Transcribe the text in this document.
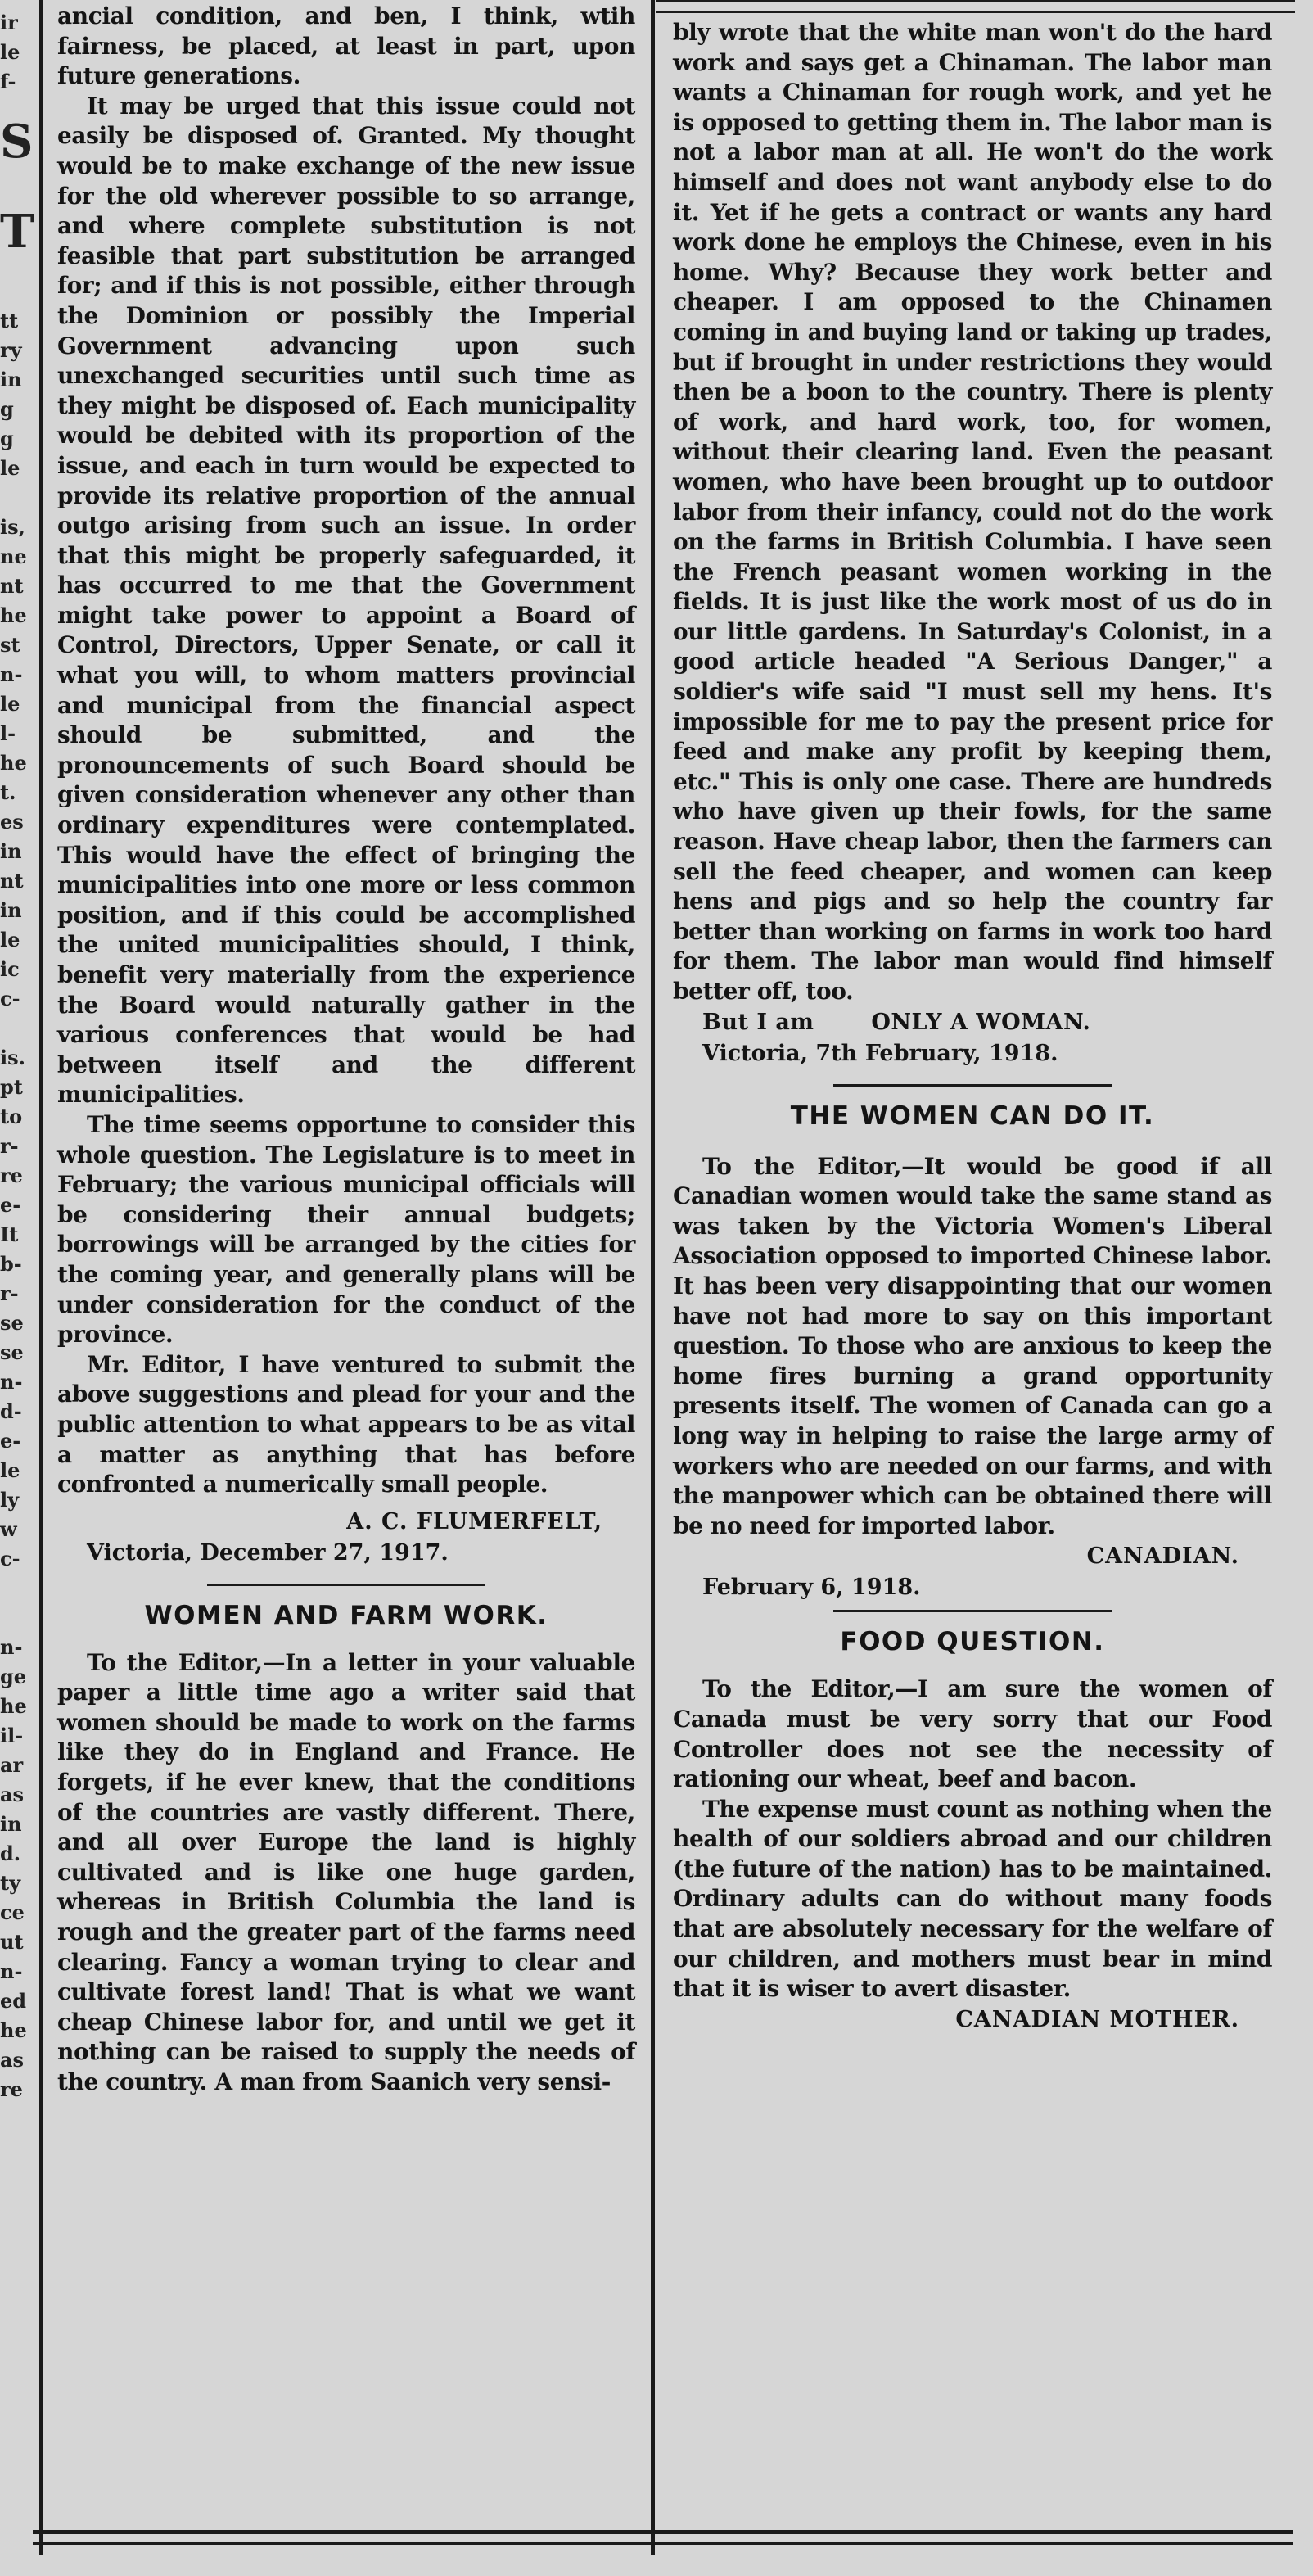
ir
le
f-
S
T
tt
ry
in
g
g
le
is,
ne
nt
he
st
n-
le
l-
he
t.
es
in
nt
in
le
ic
c-
is.
pt
to
r-
re
e-
It
b-
r-
se
se
n-
d-
e-
le
ly
w
c-
n-
ge
he
il-
ar
as
in
d.
ty
ce
ut
n-
ed
he
as
re

ancial condition, and ben, I think, wtih fairness, be placed, at least in part, upon future generations.

It may be urged that this issue could not easily be disposed of. Granted. My thought would be to make exchange of the new issue for the old wherever possible to so arrange, and where complete substitution is not feasible that part substitution be arranged for; and if this is not possible, either through the Dominion or possibly the Imperial Government advancing upon such unexchanged securities until such time as they might be disposed of. Each municipality would be debited with its proportion of the issue, and each in turn would be expected to provide its relative proportion of the annual outgo arising from such an issue. In order that this might be properly safeguarded, it has occurred to me that the Government might take power to appoint a Board of Control, Directors, Upper Senate, or call it what you will, to whom matters provincial and municipal from the financial aspect should be submitted, and the pronouncements of such Board should be given consideration whenever any other than ordinary expenditures were contemplated. This would have the effect of bringing the municipalities into one more or less common position, and if this could be accomplished the united municipalities should, I think, benefit very materially from the experience the Board would naturally gather in the various conferences that would be had between itself and the different municipalities.

The time seems opportune to consider this whole question. The Legislature is to meet in February; the various municipal officials will be considering their annual budgets; borrowings will be arranged by the cities for the coming year, and generally plans will be under consideration for the conduct of the province.

Mr. Editor, I have ventured to submit the above suggestions and plead for your and the public attention to what appears to be as vital a matter as anything that has before confronted a numerically small people.

A. C. FLUMERFELT,
Victoria, December 27, 1917.
WOMEN AND FARM WORK.

To the Editor,—In a letter in your valuable paper a little time ago a writer said that women should be made to work on the farms like they do in England and France. He forgets, if he ever knew, that the conditions of the countries are vastly different. There, and all over Europe the land is highly cultivated and is like one huge garden, whereas in British Columbia the land is rough and the greater part of the farms need clearing. Fancy a woman trying to clear and cultivate forest land! That is what we want cheap Chinese labor for, and until we get it nothing can be raised to supply the needs of the country. A man from Saanich very sensi-

bly wrote that the white man won't do the hard work and says get a Chinaman. The labor man wants a Chinaman for rough work, and yet he is opposed to getting them in. The labor man is not a labor man at all. He won't do the work himself and does not want anybody else to do it. Yet if he gets a contract or wants any hard work done he employs the Chinese, even in his home. Why? Because they work better and cheaper. I am opposed to the Chinamen coming in and buying land or taking up trades, but if brought in under restrictions they would then be a boon to the country. There is plenty of work, and hard work, too, for women, without their clearing land. Even the peasant women, who have been brought up to outdoor labor from their infancy, could not do the work on the farms in British Columbia. I have seen the French peasant women working in the fields. It is just like the work most of us do in our little gardens. In Saturday's Colonist, in a good article headed "A Serious Danger," a soldier's wife said "I must sell my hens. It's impossible for me to pay the present price for feed and make any profit by keeping them, etc." This is only one case. There are hundreds who have given up their fowls, for the same reason. Have cheap labor, then the farmers can sell the feed cheaper, and women can keep hens and pigs and so help the country far better than working on farms in work too hard for them. The labor man would find himself better off, too.

But I am	ONLY A WOMAN.
Victoria, 7th February, 1918.
THE WOMEN CAN DO IT.

To the Editor,—It would be good if all Canadian women would take the same stand as was taken by the Victoria Women's Liberal Association opposed to imported Chinese labor. It has been very disappointing that our women have not had more to say on this important question. To those who are anxious to keep the home fires burning a grand opportunity presents itself. The women of Canada can go a long way in helping to raise the large army of workers who are needed on our farms, and with the manpower which can be obtained there will be no need for imported labor.

CANADIAN.
February 6, 1918.
FOOD QUESTION.

To the Editor,—I am sure the women of Canada must be very sorry that our Food Controller does not see the necessity of rationing our wheat, beef and bacon.

The expense must count as nothing when the health of our soldiers abroad and our children (the future of the nation) has to be maintained. Ordinary adults can do without many foods that are absolutely necessary for the welfare of our children, and mothers must bear in mind that it is wiser to avert disaster.

CANADIAN MOTHER.
